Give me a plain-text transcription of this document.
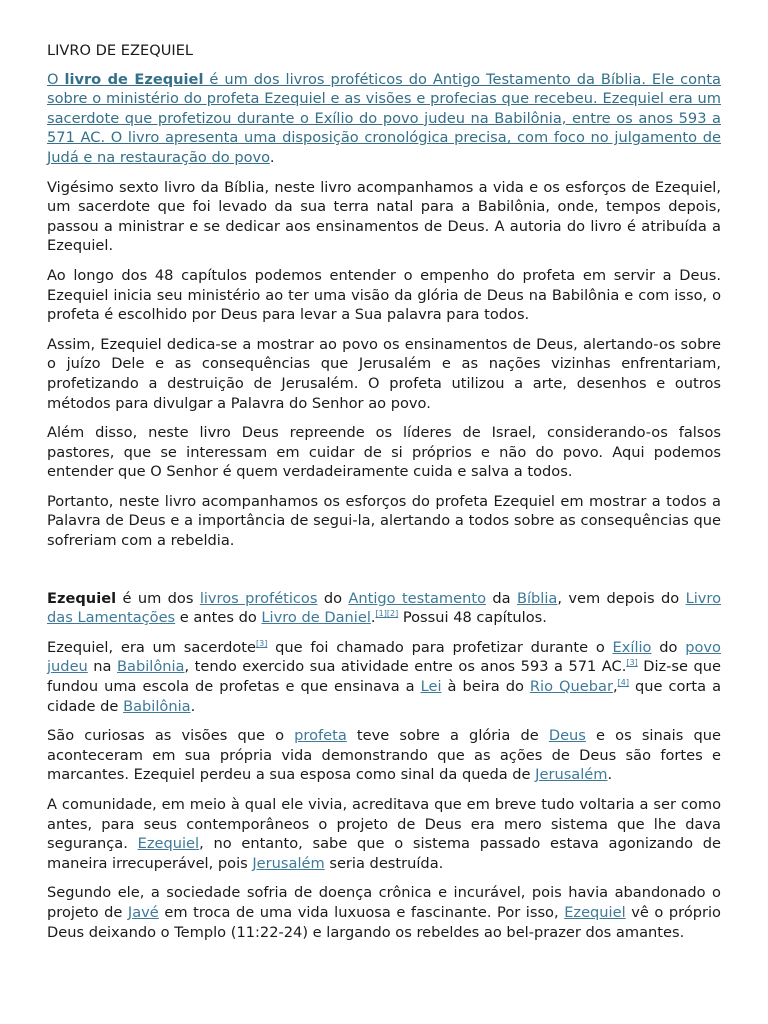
LIVRO DE EZEQUIEL

O livro de Ezequiel é um dos livros proféticos do Antigo Testamento da Bíblia. Ele conta sobre o ministério do profeta Ezequiel e as visões e profecias que recebeu. Ezequiel era um sacerdote que profetizou durante o Exílio do povo judeu na Babilônia, entre os anos 593 a 571 AC. O livro apresenta uma disposição cronológica precisa, com foco no julgamento de Judá e na restauração do povo.

Vigésimo sexto livro da Bíblia, neste livro acompanhamos a vida e os esforços de Ezequiel, um sacerdote que foi levado da sua terra natal para a Babilônia, onde, tempos depois, passou a ministrar e se dedicar aos ensinamentos de Deus. A autoria do livro é atribuída a Ezequiel.

Ao longo dos 48 capítulos podemos entender o empenho do profeta em servir a Deus. Ezequiel inicia seu ministério ao ter uma visão da glória de Deus na Babilônia e com isso, o profeta é escolhido por Deus para levar a Sua palavra para todos.

Assim, Ezequiel dedica-se a mostrar ao povo os ensinamentos de Deus, alertando-os sobre o juízo Dele e as consequências que Jerusalém e as nações vizinhas enfrentariam, profetizando a destruição de Jerusalém. O profeta utilizou a arte, desenhos e outros métodos para divulgar a Palavra do Senhor ao povo.

Além disso, neste livro Deus repreende os líderes de Israel, considerando-os falsos pastores, que se interessam em cuidar de si próprios e não do povo. Aqui podemos entender que O Senhor é quem verdadeiramente cuida e salva a todos.

Portanto, neste livro acompanhamos os esforços do profeta Ezequiel em mostrar a todos a Palavra de Deus e a importância de segui-la, alertando a todos sobre as consequências que sofreriam com a rebeldia.

Ezequiel é um dos livros proféticos do Antigo testamento da Bíblia, vem depois do Livro das Lamentações e antes do Livro de Daniel.[1][2] Possui 48 capítulos.

Ezequiel, era um sacerdote[3] que foi chamado para profetizar durante o Exílio do povo judeu na Babilônia, tendo exercido sua atividade entre os anos 593 a 571 AC.[3] Diz-se que fundou uma escola de profetas e que ensinava a Lei à beira do Rio Quebar,[4] que corta a cidade de Babilônia.

São curiosas as visões que o profeta teve sobre a glória de Deus e os sinais que aconteceram em sua própria vida demonstrando que as ações de Deus são fortes e marcantes. Ezequiel perdeu a sua esposa como sinal da queda de Jerusalém.

A comunidade, em meio à qual ele vivia, acreditava que em breve tudo voltaria a ser como antes, para seus contemporâneos o projeto de Deus era mero sistema que lhe dava segurança. Ezequiel, no entanto, sabe que o sistema passado estava agonizando de maneira irrecuperável, pois Jerusalém seria destruída.

Segundo ele, a sociedade sofria de doença crônica e incurável, pois havia abandonado o projeto de Javé em troca de uma vida luxuosa e fascinante. Por isso, Ezequiel vê o próprio Deus deixando o Templo (11:22-24) e largando os rebeldes ao bel-prazer dos amantes.
